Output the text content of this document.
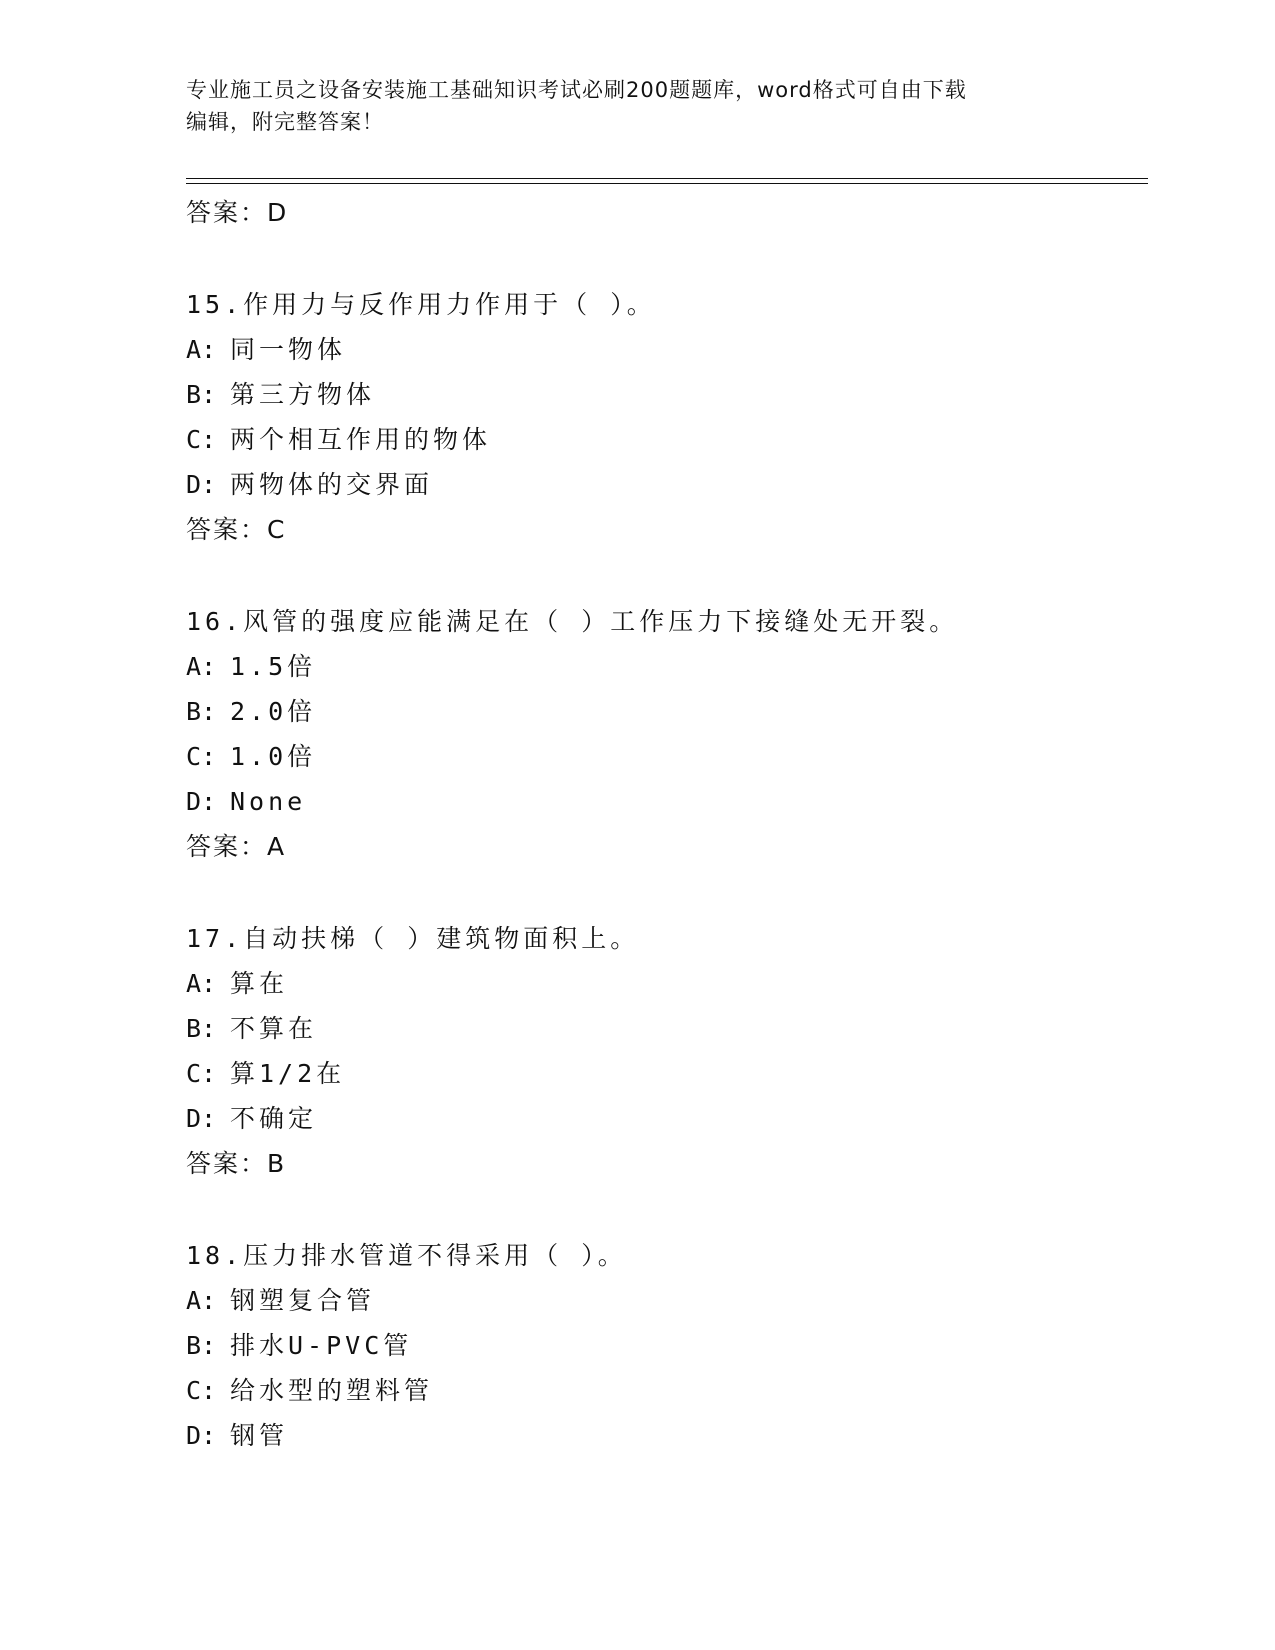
专业施工员之设备安装施工基础知识考试必刷200题题库，word格式可自由下载
编辑，附完整答案！
答案：D
15.作用力与反作用力作用于（ ）。
A: 同一物体
B: 第三方物体
C: 两个相互作用的物体
D: 两物体的交界面
答案：C
16.风管的强度应能满足在（ ）工作压力下接缝处无开裂。
A: 1.5倍
B: 2.0倍
C: 1.0倍
D: None
答案：A
17.自动扶梯（ ）建筑物面积上。
A: 算在
B: 不算在
C: 算1/2在
D: 不确定
答案：B
18.压力排水管道不得采用（ ）。
A: 钢塑复合管
B: 排水U-PVC管
C: 给水型的塑料管
D: 钢管
